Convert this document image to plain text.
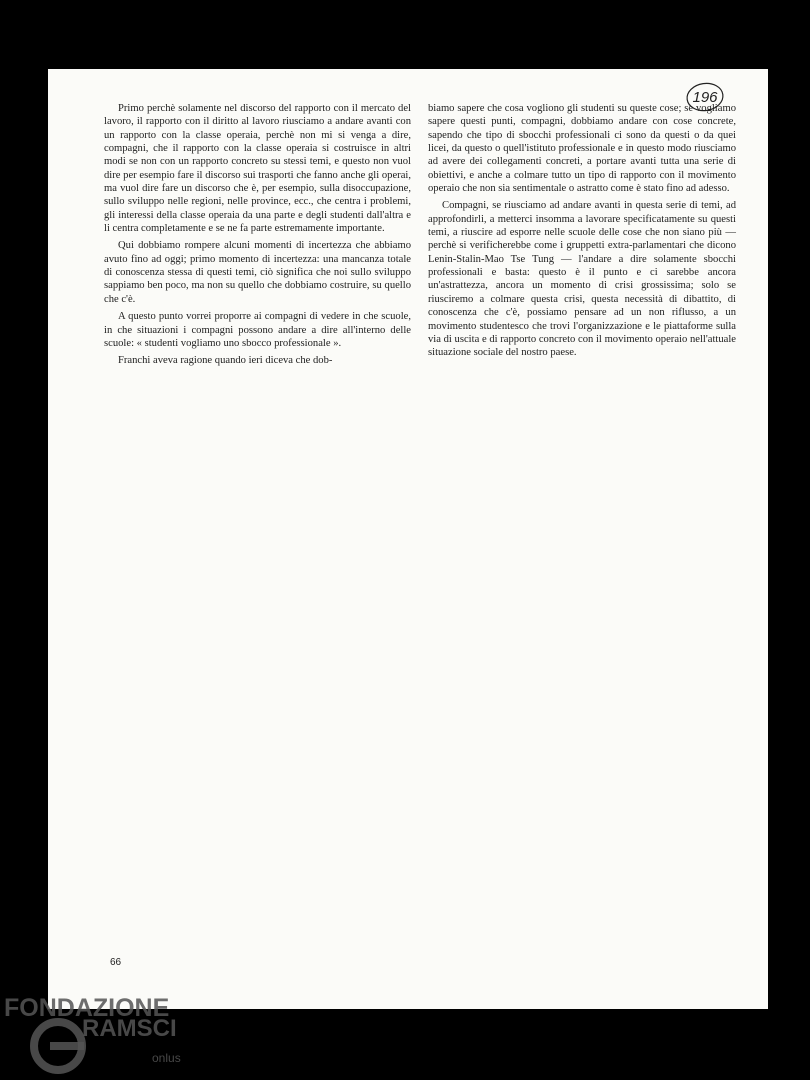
196

Primo perchè solamente nel discorso del rapporto con il mercato del lavoro, il rapporto con il diritto al lavoro riusciamo a andare avanti con un rapporto con la classe operaia, perchè non mi si venga a dire, compagni, che il rapporto con la classe operaia si costruisce in altri modi se non con un rapporto concreto su stessi temi, e questo non vuol dire per esempio fare il discorso sui trasporti che fanno anche gli operai, ma vuol dire fare un discorso che è, per esempio, sulla disoccupazione, sullo sviluppo nelle regioni, nelle province, ecc., che centra i problemi, gli interessi della classe operaia da una parte e degli studenti dall'altra e li centra completamente e se ne fa parte estremamente importante.

Qui dobbiamo rompere alcuni momenti di incertezza che abbiamo avuto fino ad oggi; primo momento di incertezza: una mancanza totale di conoscenza stessa di questi temi, ciò significa che noi sullo sviluppo sappiamo ben poco, ma non su quello che dobbiamo costruire, su quello che c'è.

A questo punto vorrei proporre ai compagni di vedere in che scuole, in che situazioni i compagni possono andare a dire all'interno delle scuole: « studenti vogliamo uno sbocco professionale ».

Franchi aveva ragione quando ieri diceva che dob-

biamo sapere che cosa vogliono gli studenti su queste cose; se vogliamo sapere questi punti, compagni, dobbiamo andare con cose concrete, sapendo che tipo di sbocchi professionali ci sono da questi o da quei licei, da questo o quell'istituto professionale e in questo modo riusciamo ad avere dei collegamenti concreti, a portare avanti tutta una serie di obiettivi, e anche a colmare tutto un tipo di rapporto con il movimento operaio che non sia sentimentale o astratto come è stato fino ad adesso.

Compagni, se riusciamo ad andare avanti in questa serie di temi, ad approfondirli, a metterci insomma a lavorare specificatamente su questi temi, a riuscire ad esporre nelle scuole delle cose che non siano più — perchè si verificherebbe come i gruppetti extra-parlamentari che dicono Lenin-Stalin-Mao Tse Tung — l'andare a dire solamente sbocchi professionali e basta: questo è il punto e ci sarebbe ancora un'astrattezza, ancora un momento di crisi grossissima; solo se riusciremo a colmare questa crisi, questa necessità di dibattito, di conoscenza che c'è, possiamo pensare ad un non riflusso, a un movimento studentesco che trovi l'organizzazione e le piattaforme sulla via di uscita e di rapporto concreto con il movimento operaio nell'attuale situazione sociale del nostro paese.

66
FONDAZIONE
RAMSCI
onlus
